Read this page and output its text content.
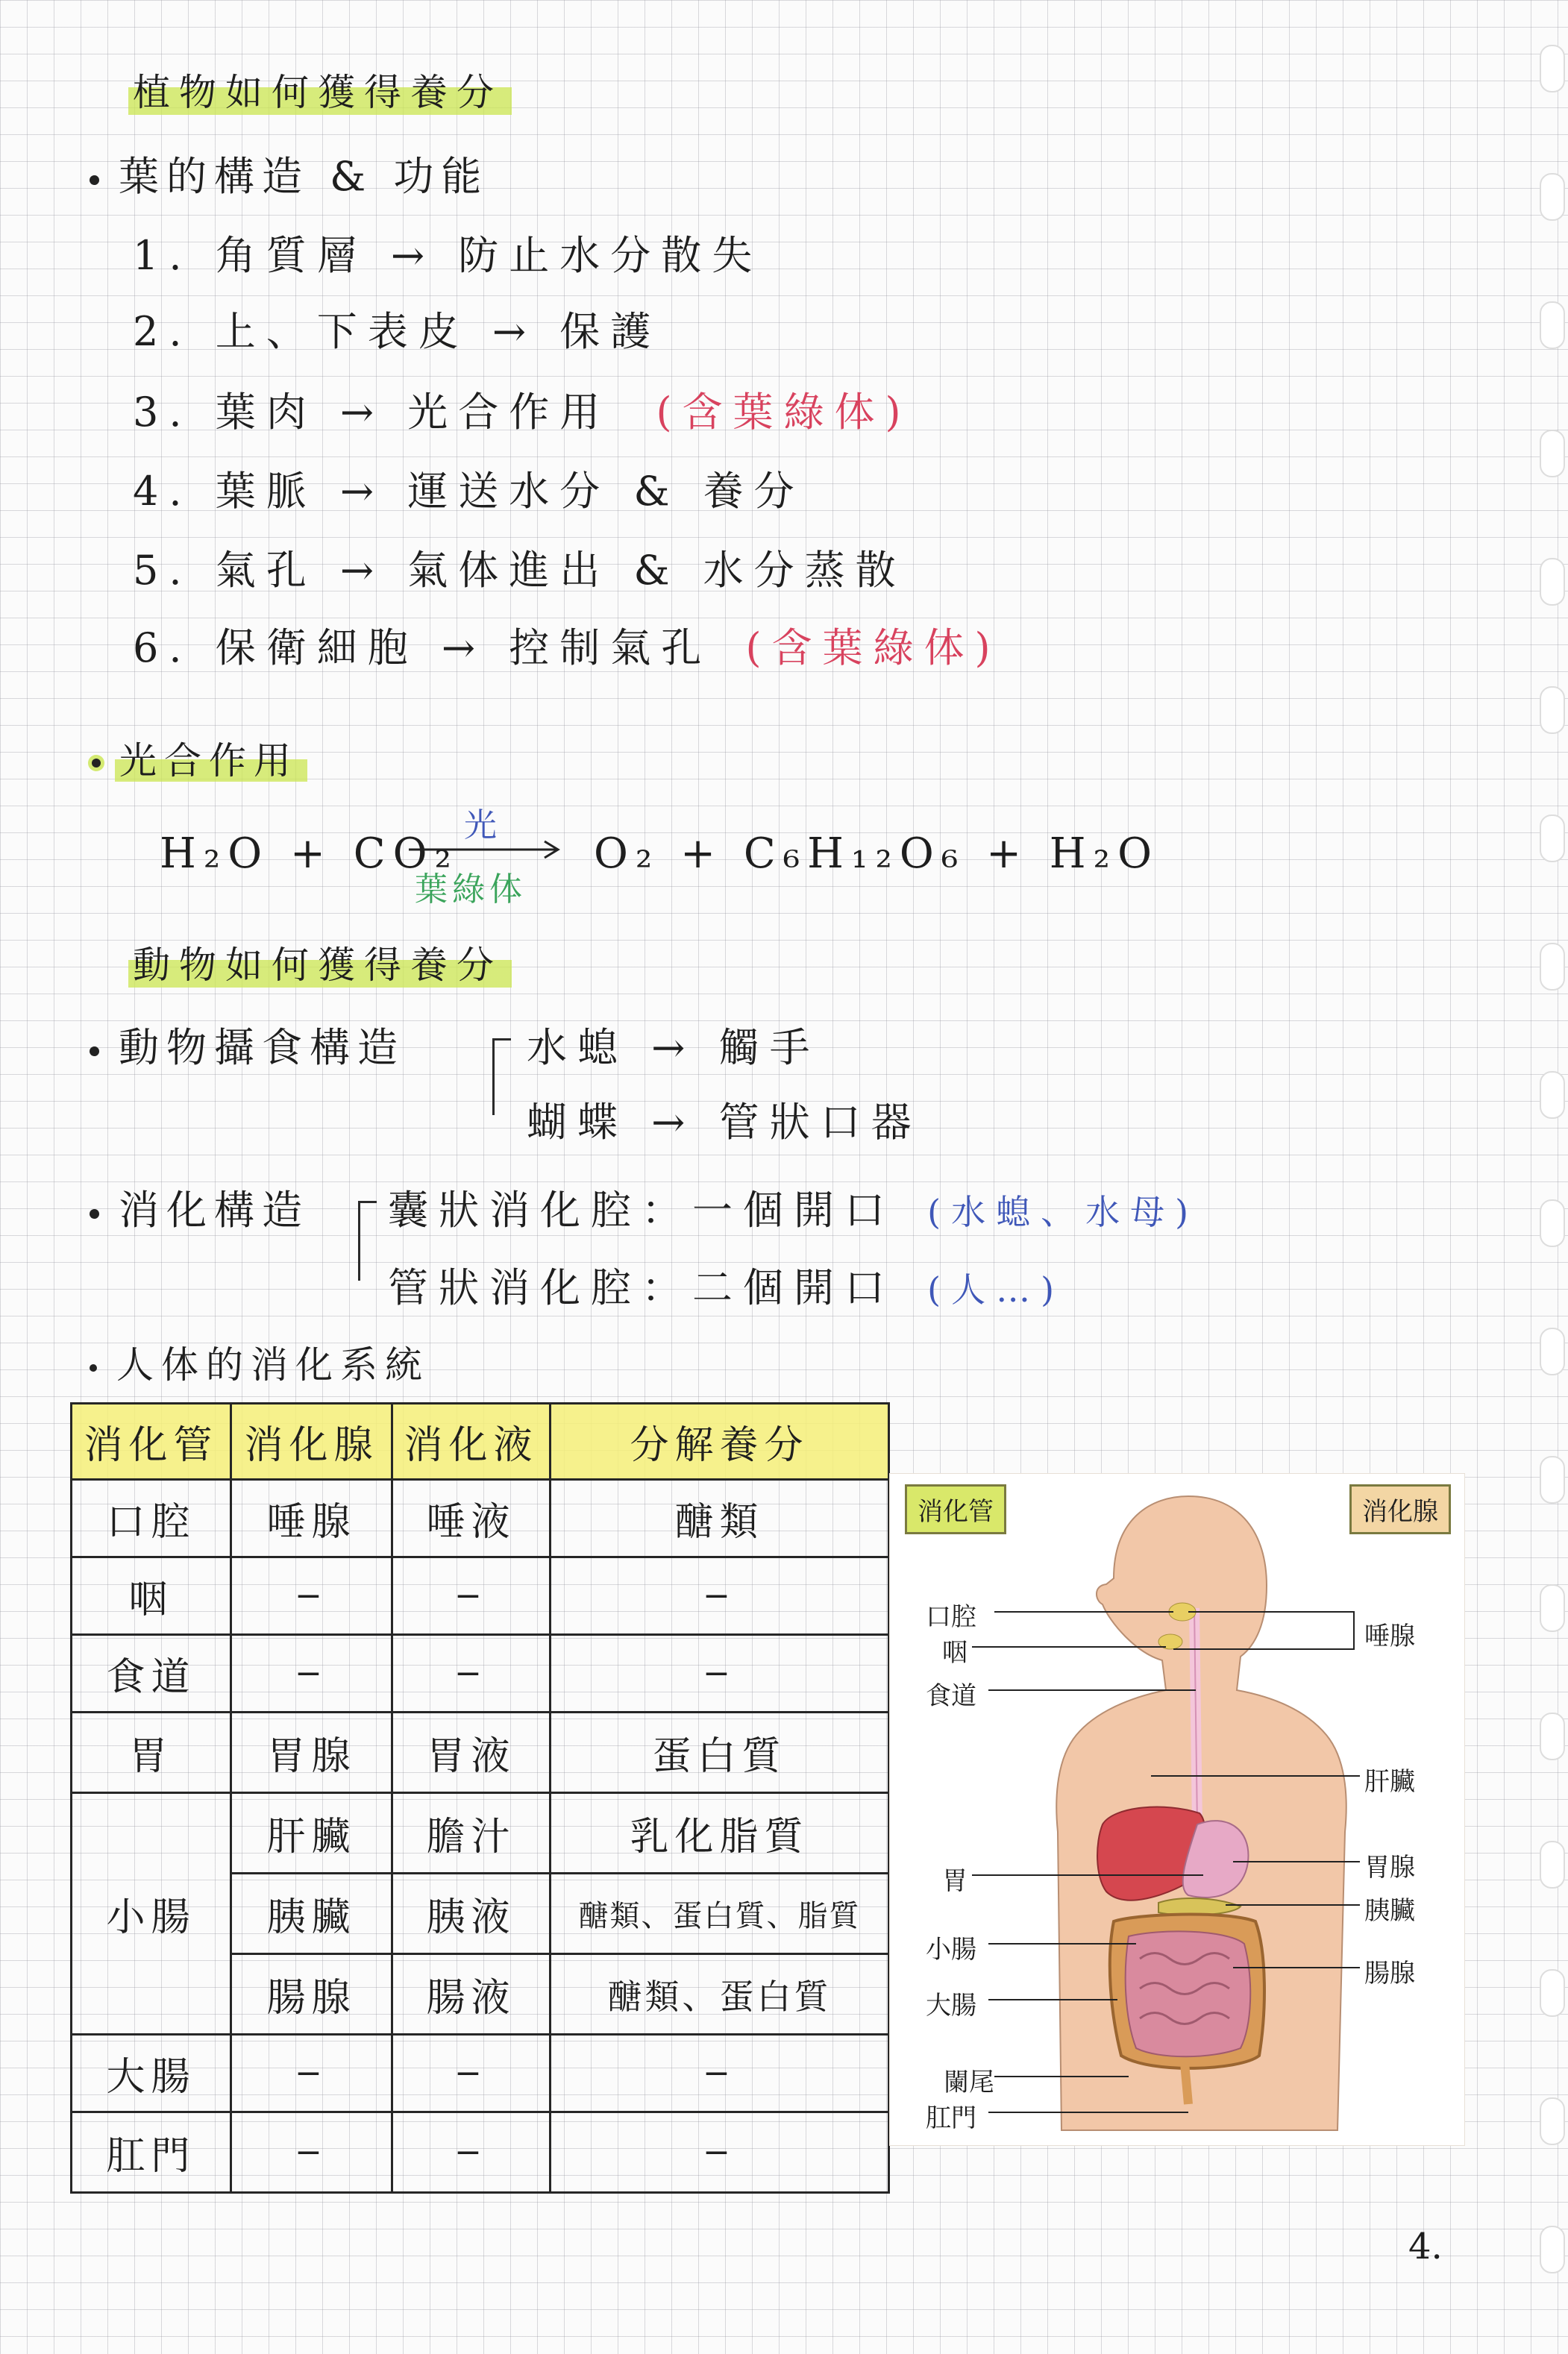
植物如何獲得養分
葉的構造 & 功能
1. 角質層 → 防止水分散失
2. 上、下表皮 → 保護
3. 葉肉 → 光合作用 (含葉綠体)
4. 葉脈 → 運送水分 & 養分
5. 氣孔 → 氣体進出 & 水分蒸散
6. 保衛細胞 → 控制氣孔 (含葉綠体)
光合作用
H₂O + CO₂
光
葉綠体
O₂ + C₆H₁₂O₆ + H₂O
動物如何獲得養分
動物攝食構造	水螅 → 觸手
蝴蝶 → 管狀口器
消化構造 囊狀消化腔：一個開口 (水螅、水母)
管狀消化腔：二個開口 (人…)
人体的消化系統
消化管	消化腺	消化液	分解養分
口腔	唾腺	唾液	醣類
咽	−	−	−
食道	−	−	−
胃	胃腺	胃液	蛋白質
小腸	肝臟	膽汁	乳化脂質
	胰臟	胰液	醣類、蛋白質、脂質
	腸腺	腸液	醣類、蛋白質
大腸	−	−	−
肛門	−	−	−
消化管	消化腺
口腔
咽
食道
胃
小腸
大腸
闌尾
肛門
唾腺
肝臟
胃腺
胰臟
腸腺
4.
